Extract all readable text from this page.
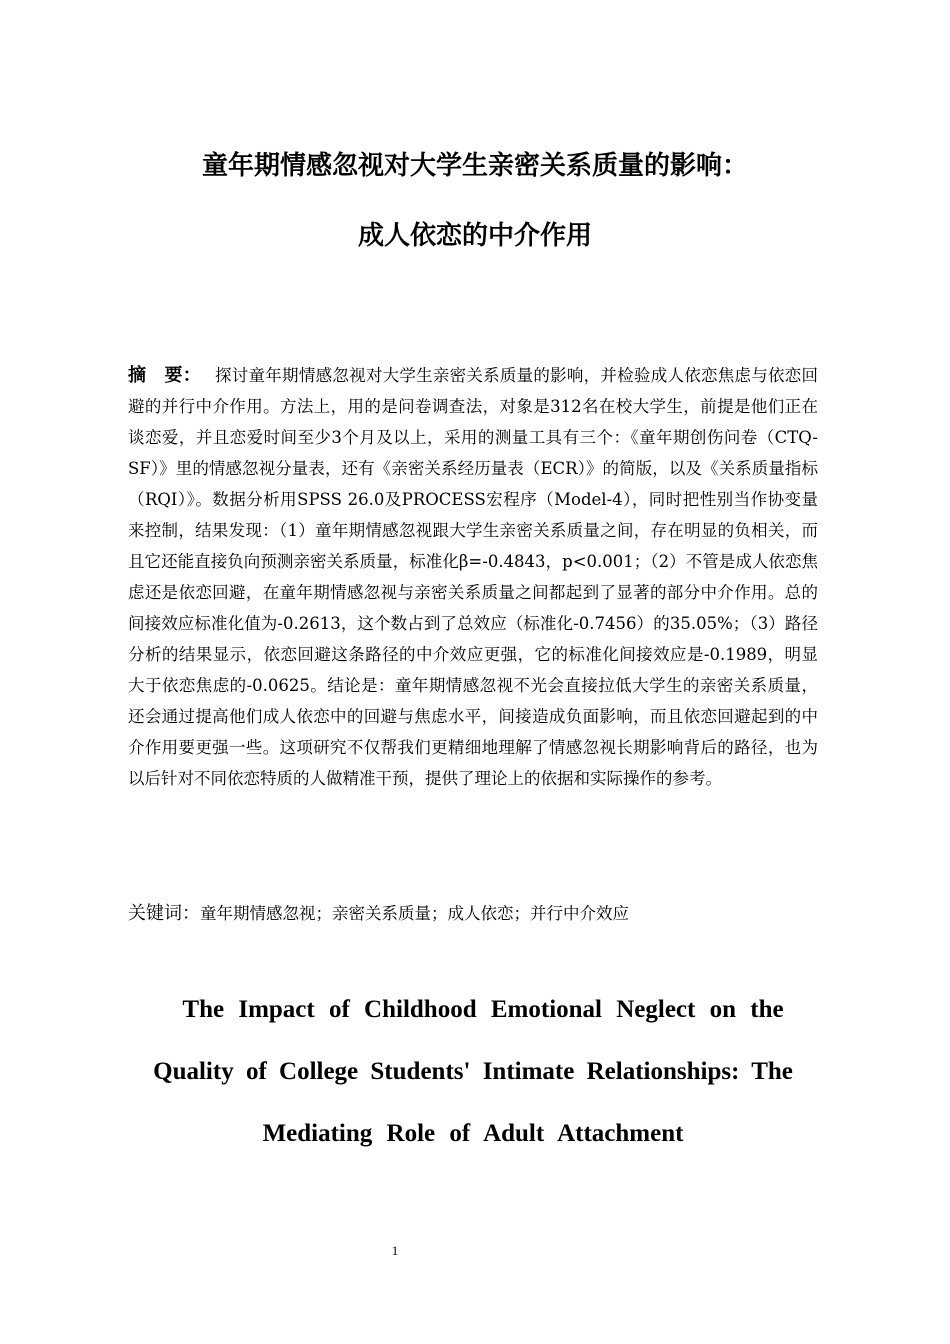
童年期情感忽视对大学生亲密关系质量的影响：
成人依恋的中介作用

摘　要： 探讨童年期情感忽视对大学生亲密关系质量的影响，并检验成人依恋焦虑与依恋回避的并行中介作用。方法上，用的是问卷调查法，对象是312名在校大学生，前提是他们正在谈恋爱，并且恋爱时间至少3个月及以上，采用的测量工具有三个：《童年期创伤问卷（CTQ-SF）》里的情感忽视分量表，还有《亲密关系经历量表（ECR）》的简版，以及《关系质量指标（RQI）》。数据分析用SPSS 26.0及PROCESS宏程序（Model-4），同时把性别当作协变量来控制，结果发现：（1）童年期情感忽视跟大学生亲密关系质量之间，存在明显的负相关，而且它还能直接负向预测亲密关系质量，标准化β=-0.4843，p<0.001；（2）不管是成人依恋焦虑还是依恋回避，在童年期情感忽视与亲密关系质量之间都起到了显著的部分中介作用。总的间接效应标准化值为-0.2613，这个数占到了总效应（标准化-0.7456）的35.05%；（3）路径分析的结果显示，依恋回避这条路径的中介效应更强，它的标准化间接效应是-0.1989，明显大于依恋焦虑的-0.0625。结论是：童年期情感忽视不光会直接拉低大学生的亲密关系质量，还会通过提高他们成人依恋中的回避与焦虑水平，间接造成负面影响，而且依恋回避起到的中介作用要更强一些。这项研究不仅帮我们更精细地理解了情感忽视长期影响背后的路径，也为以后针对不同依恋特质的人做精准干预，提供了理论上的依据和实际操作的参考。

关键词：童年期情感忽视；亲密关系质量；成人依恋；并行中介效应

The Impact of Childhood Emotional Neglect on the
Quality of College Students' Intimate Relationships: The
Mediating Role of Adult Attachment
1
